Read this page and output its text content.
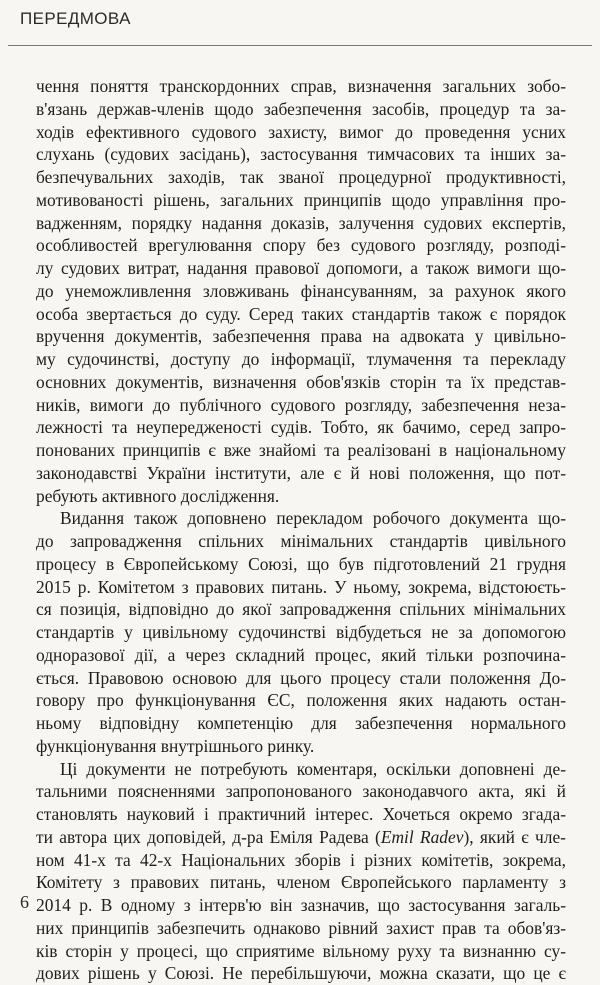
ПЕРЕДМОВА
чення поняття транскордонних справ, визначення загальних зобо-
в'язань держав-членів щодо забезпечення засобів, процедур та за-
ходів ефективного судового захисту, вимог до проведення усних
слухань (судових засідань), застосування тимчасових та інших за-
безпечувальних заходів, так званої процедурної продуктивності,
мотивованості рішень, загальних принципів щодо управління про-
вадженням, порядку надання доказів, залучення судових експертів,
особливостей врегулювання спору без судового розгляду, розподі-
лу судових витрат, надання правової допомоги, а також вимоги що-
до унеможливлення зловживань фінансуванням, за рахунок якого
особа звертається до суду. Серед таких стандартів також є порядок
вручення документів, забезпечення права на адвоката у цивільно-
му судочинстві, доступу до інформації, тлумачення та перекладу
основних документів, визначення обов'язків сторін та їх представ-
ників, вимоги до публічного судового розгляду, забезпечення неза-
лежності та неупередженості судів. Тобто, як бачимо, серед запро-
понованих принципів є вже знайомі та реалізовані в національному
законодавстві України інститути, але є й нові положення, що пот-
ребують активного дослідження.
Видання також доповнено перекладом робочого документа що-
до запровадження спільних мінімальних стандартів цивільного
процесу в Європейському Союзі, що був підготовлений 21 грудня
2015 р. Комітетом з правових питань. У ньому, зокрема, відстоюєть-
ся позиція, відповідно до якої запровадження спільних мінімальних
стандартів у цивільному судочинстві відбудеться не за допомогою
одноразової дії, а через складний процес, який тільки розпочина-
ється. Правовою основою для цього процесу стали положення До-
говору про функціонування ЄС, положення яких надають остан-
ньому відповідну компетенцію для забезпечення нормального
функціонування внутрішнього ринку.
Ці документи не потребують коментаря, оскільки доповнені де-
тальними поясненнями запропонованого законодавчого акта, які й
становлять науковий і практичний інтерес. Хочеться окремо згада-
ти автора цих доповідей, д-ра Еміля Радева (Emil Radev), який є чле-
ном 41-х та 42-х Національних зборів і різних комітетів, зокрема,
Комітету з правових питань, членом Європейського парламенту з
2014 р. В одному з інтерв'ю він зазначив, що застосування загаль-
них принципів забезпечить однаково рівний захист прав та обов'яз-
ків сторін у процесі, що сприятиме вільному руху та визнанню су-
дових рішень у Союзі. Не перебільшуючи, можна сказати, що це є
6
